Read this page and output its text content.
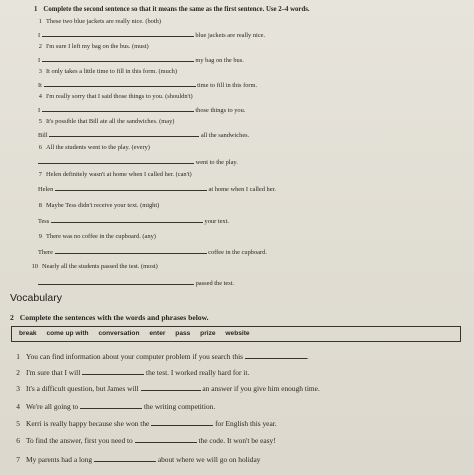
1 Complete the second sentence so that it means the same as the first sentence. Use 2–4 words.
1 These two blue jackets are really nice. (both)
I	blue jackets are really nice.
2 I'm sure I left my bag on the bus. (must)
I	my bag on the bus.
3 It only takes a little time to fill in this form. (much)
It	time to fill in this form.
4 I'm really sorry that I said those things to you. (shouldn't)
I	those things to you.
5 It's possible that Bill ate all the sandwiches. (may)
Bill	all the sandwiches.
6 All the students went to the play. (every)
went to the play.
7 Helen definitely wasn't at home when I called her. (can't)
Helen	at home when I called her.
8 Maybe Tess didn't receive your text. (might)
Tess	your text.
9 There was no coffee in the cupboard. (any)
There	coffee in the cupboard.
10 Nearly all the students passed the test. (most)
passed the test.
Vocabulary
2 Complete the sentences with the words and phrases below.
break come up with conversation enter pass prize website
1 You can find information about your computer problem if you search this	.
2 I'm sure that I will	the test. I worked really hard for it.
3 It's a difficult question, but James will	an answer if you give him enough time.
4 We're all going to	the writing competition.
5 Kerri is really happy because she won the	for English this year.
6 To find the answer, first you need to	the code. It won't be easy!
7 My parents had a long	about where we will go on holiday
